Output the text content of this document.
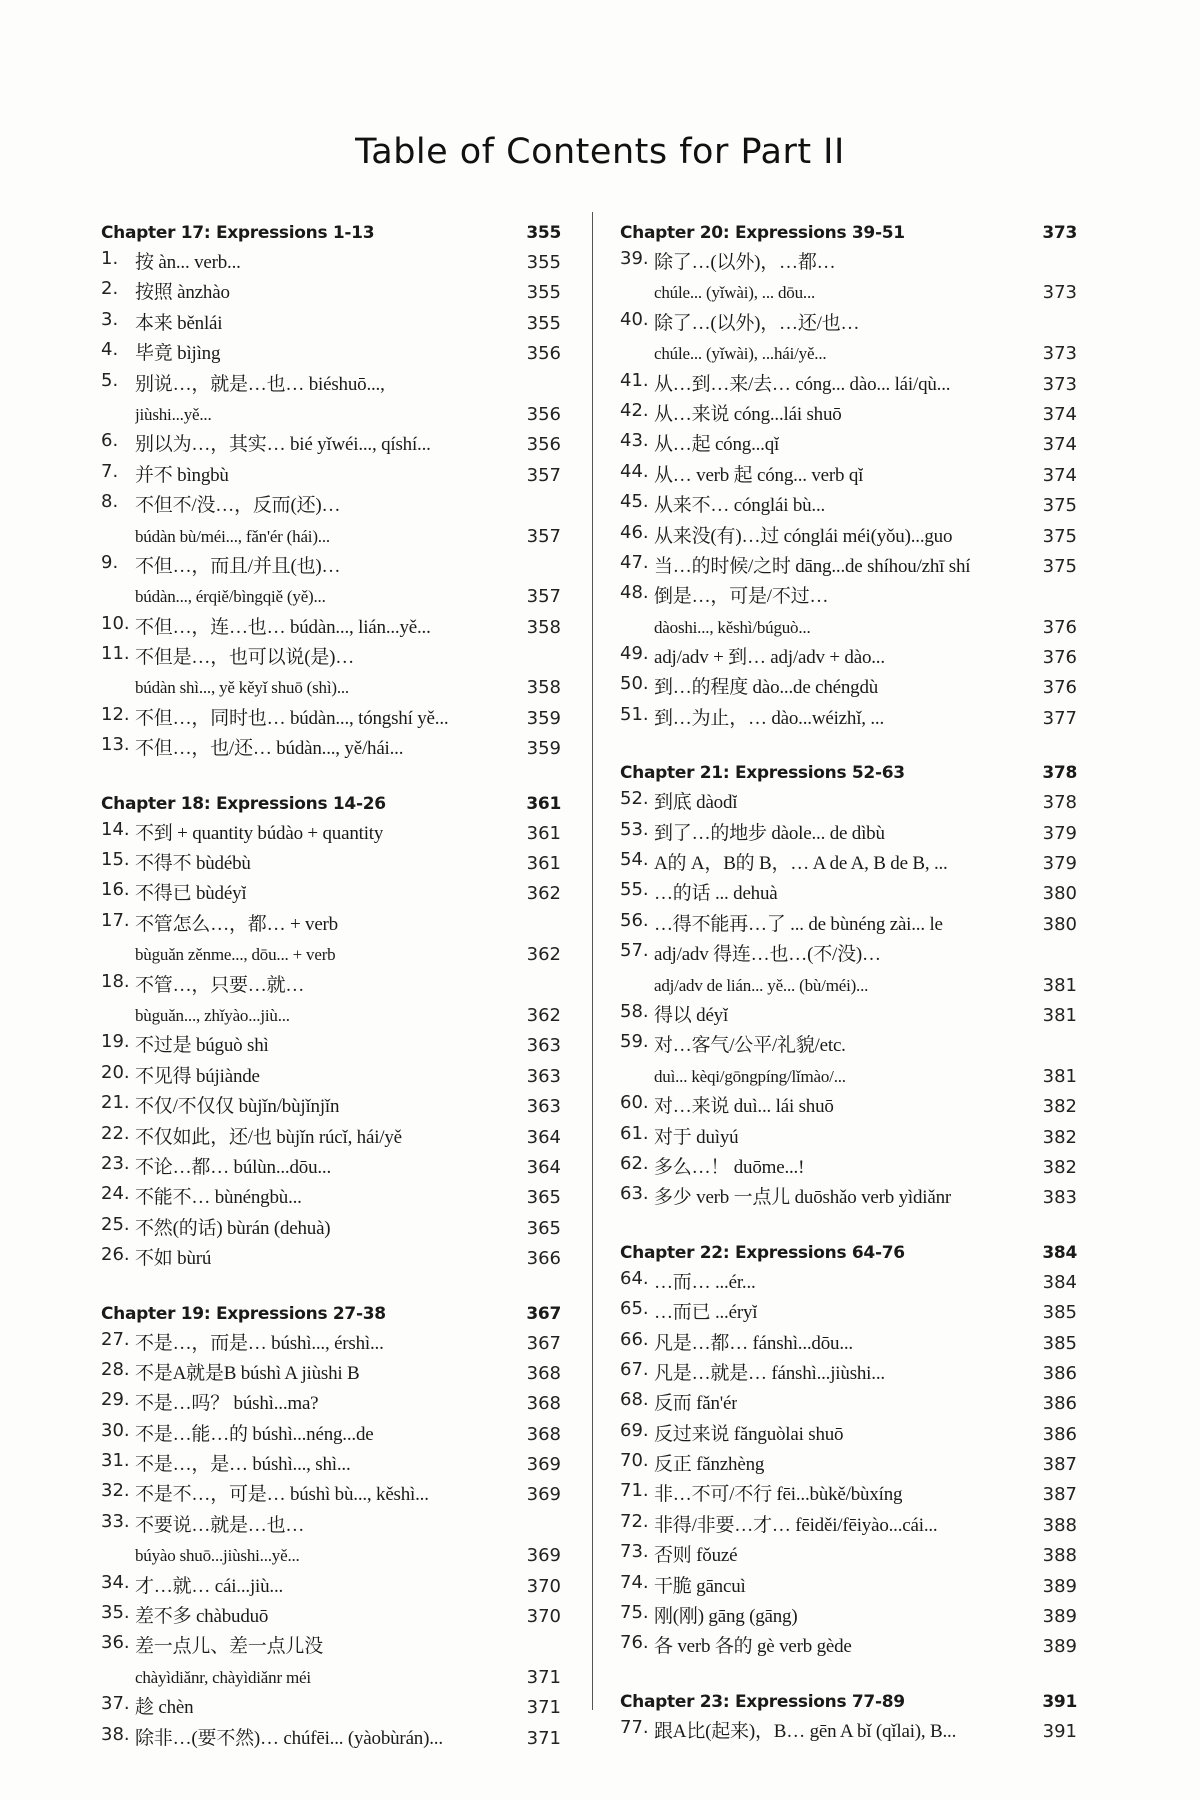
Table of Contents for Part II
Chapter 17: Expressions 1-13	355
1. 按 àn... verb...	355
2. 按照 ànzhào	355
3. 本来 běnlái	355
4. 毕竟 bìjìng	356
5. 别说…，就是…也… biéshuō...,
jiùshi...yě...	356
6. 别以为…，其实… bié yǐwéi..., qíshí...	356
7. 并不 bìngbù	357
8. 不但不/没…，反而(还)…
búdàn bù/méi..., fǎn'ér (hái)...	357
9. 不但…，而且/并且(也)…
búdàn..., érqiě/bìngqiě (yě)...	357
10. 不但…，连…也… búdàn..., lián...yě...	358
11. 不但是…，也可以说(是)…
búdàn shì..., yě kěyǐ shuō (shì)...	358
12. 不但…，同时也… búdàn..., tóngshí yě...	359
13. 不但…，也/还… búdàn..., yě/hái...	359
Chapter 18: Expressions 14-26	361
14. 不到 + quantity búdào + quantity	361
15. 不得不 bùdébù	361
16. 不得已 bùdéyǐ	362
17. 不管怎么…，都… + verb
bùguǎn zěnme..., dōu... + verb	362
18. 不管…，只要…就…
bùguǎn..., zhǐyào...jiù...	362
19. 不过是 búguò shì	363
20. 不见得 bújiànde	363
21. 不仅/不仅仅 bùjǐn/bùjǐnjǐn	363
22. 不仅如此，还/也 bùjǐn rúcǐ, hái/yě	364
23. 不论…都… búlùn...dōu...	364
24. 不能不… bùnéngbù...	365
25. 不然(的话) bùrán (dehuà)	365
26. 不如 bùrú	366
Chapter 19: Expressions 27-38	367
27. 不是…，而是… búshì..., érshì...	367
28. 不是A就是B búshì A jiùshi B	368
29. 不是…吗？ búshì...ma?	368
30. 不是…能…的 búshì...néng...de	368
31. 不是…，是… búshì..., shì...	369
32. 不是不…，可是… búshì bù..., kěshì...	369
33. 不要说…就是…也…
búyào shuō...jiùshi...yě...	369
34. 才…就… cái...jiù...	370
35. 差不多 chàbuduō	370
36. 差一点儿、差一点儿没
chàyìdiǎnr, chàyìdiǎnr méi	371
37. 趁 chèn	371
38. 除非…(要不然)… chúfēi... (yàobùrán)...	371
Chapter 20: Expressions 39-51	373
39. 除了…(以外)，…都…
chúle... (yǐwài), ... dōu...	373
40. 除了…(以外)，…还/也…
chúle... (yǐwài), ...hái/yě...	373
41. 从…到…来/去… cóng... dào... lái/qù...	373
42. 从…来说 cóng...lái shuō	374
43. 从…起 cóng...qǐ	374
44. 从… verb 起 cóng... verb qǐ	374
45. 从来不… cónglái bù...	375
46. 从来没(有)…过 cónglái méi(yǒu)...guo	375
47. 当…的时候/之时 dāng...de shíhou/zhī shí	375
48. 倒是…，可是/不过…
dàoshi..., kěshì/búguò...	376
49. adj/adv + 到… adj/adv + dào...	376
50. 到…的程度 dào...de chéngdù	376
51. 到…为止，… dào...wéizhǐ, ...	377
Chapter 21: Expressions 52-63	378
52. 到底 dàodǐ	378
53. 到了…的地步 dàole... de dìbù	379
54. A的 A，B的 B，… A de A, B de B, ...	379
55. …的话 ... dehuà	380
56. …得不能再…了 ... de bùnéng zài... le	380
57. adj/adv 得连…也…(不/没)…
adj/adv de lián... yě... (bù/méi)...	381
58. 得以 déyǐ	381
59. 对…客气/公平/礼貌/etc.
duì... kèqi/gōngpíng/lǐmào/...	381
60. 对…来说 duì... lái shuō	382
61. 对于 duìyú	382
62. 多么…！ duōme...!	382
63. 多少 verb 一点儿 duōshǎo verb yìdiǎnr	383
Chapter 22: Expressions 64-76	384
64. …而… ...ér...	384
65. …而已 ...éryǐ	385
66. 凡是…都… fánshì...dōu...	385
67. 凡是…就是… fánshì...jiùshi...	386
68. 反而 fǎn'ér	386
69. 反过来说 fǎnguòlai shuō	386
70. 反正 fǎnzhèng	387
71. 非…不可/不行 fēi...bùkě/bùxíng	387
72. 非得/非要…才… fēiděi/fēiyào...cái...	388
73. 否则 fǒuzé	388
74. 干脆 gāncuì	389
75. 刚(刚) gāng (gāng)	389
76. 各 verb 各的 gè verb gède	389
Chapter 23: Expressions 77-89	391
77. 跟A比(起来)，B… gēn A bǐ (qǐlai), B...	391
